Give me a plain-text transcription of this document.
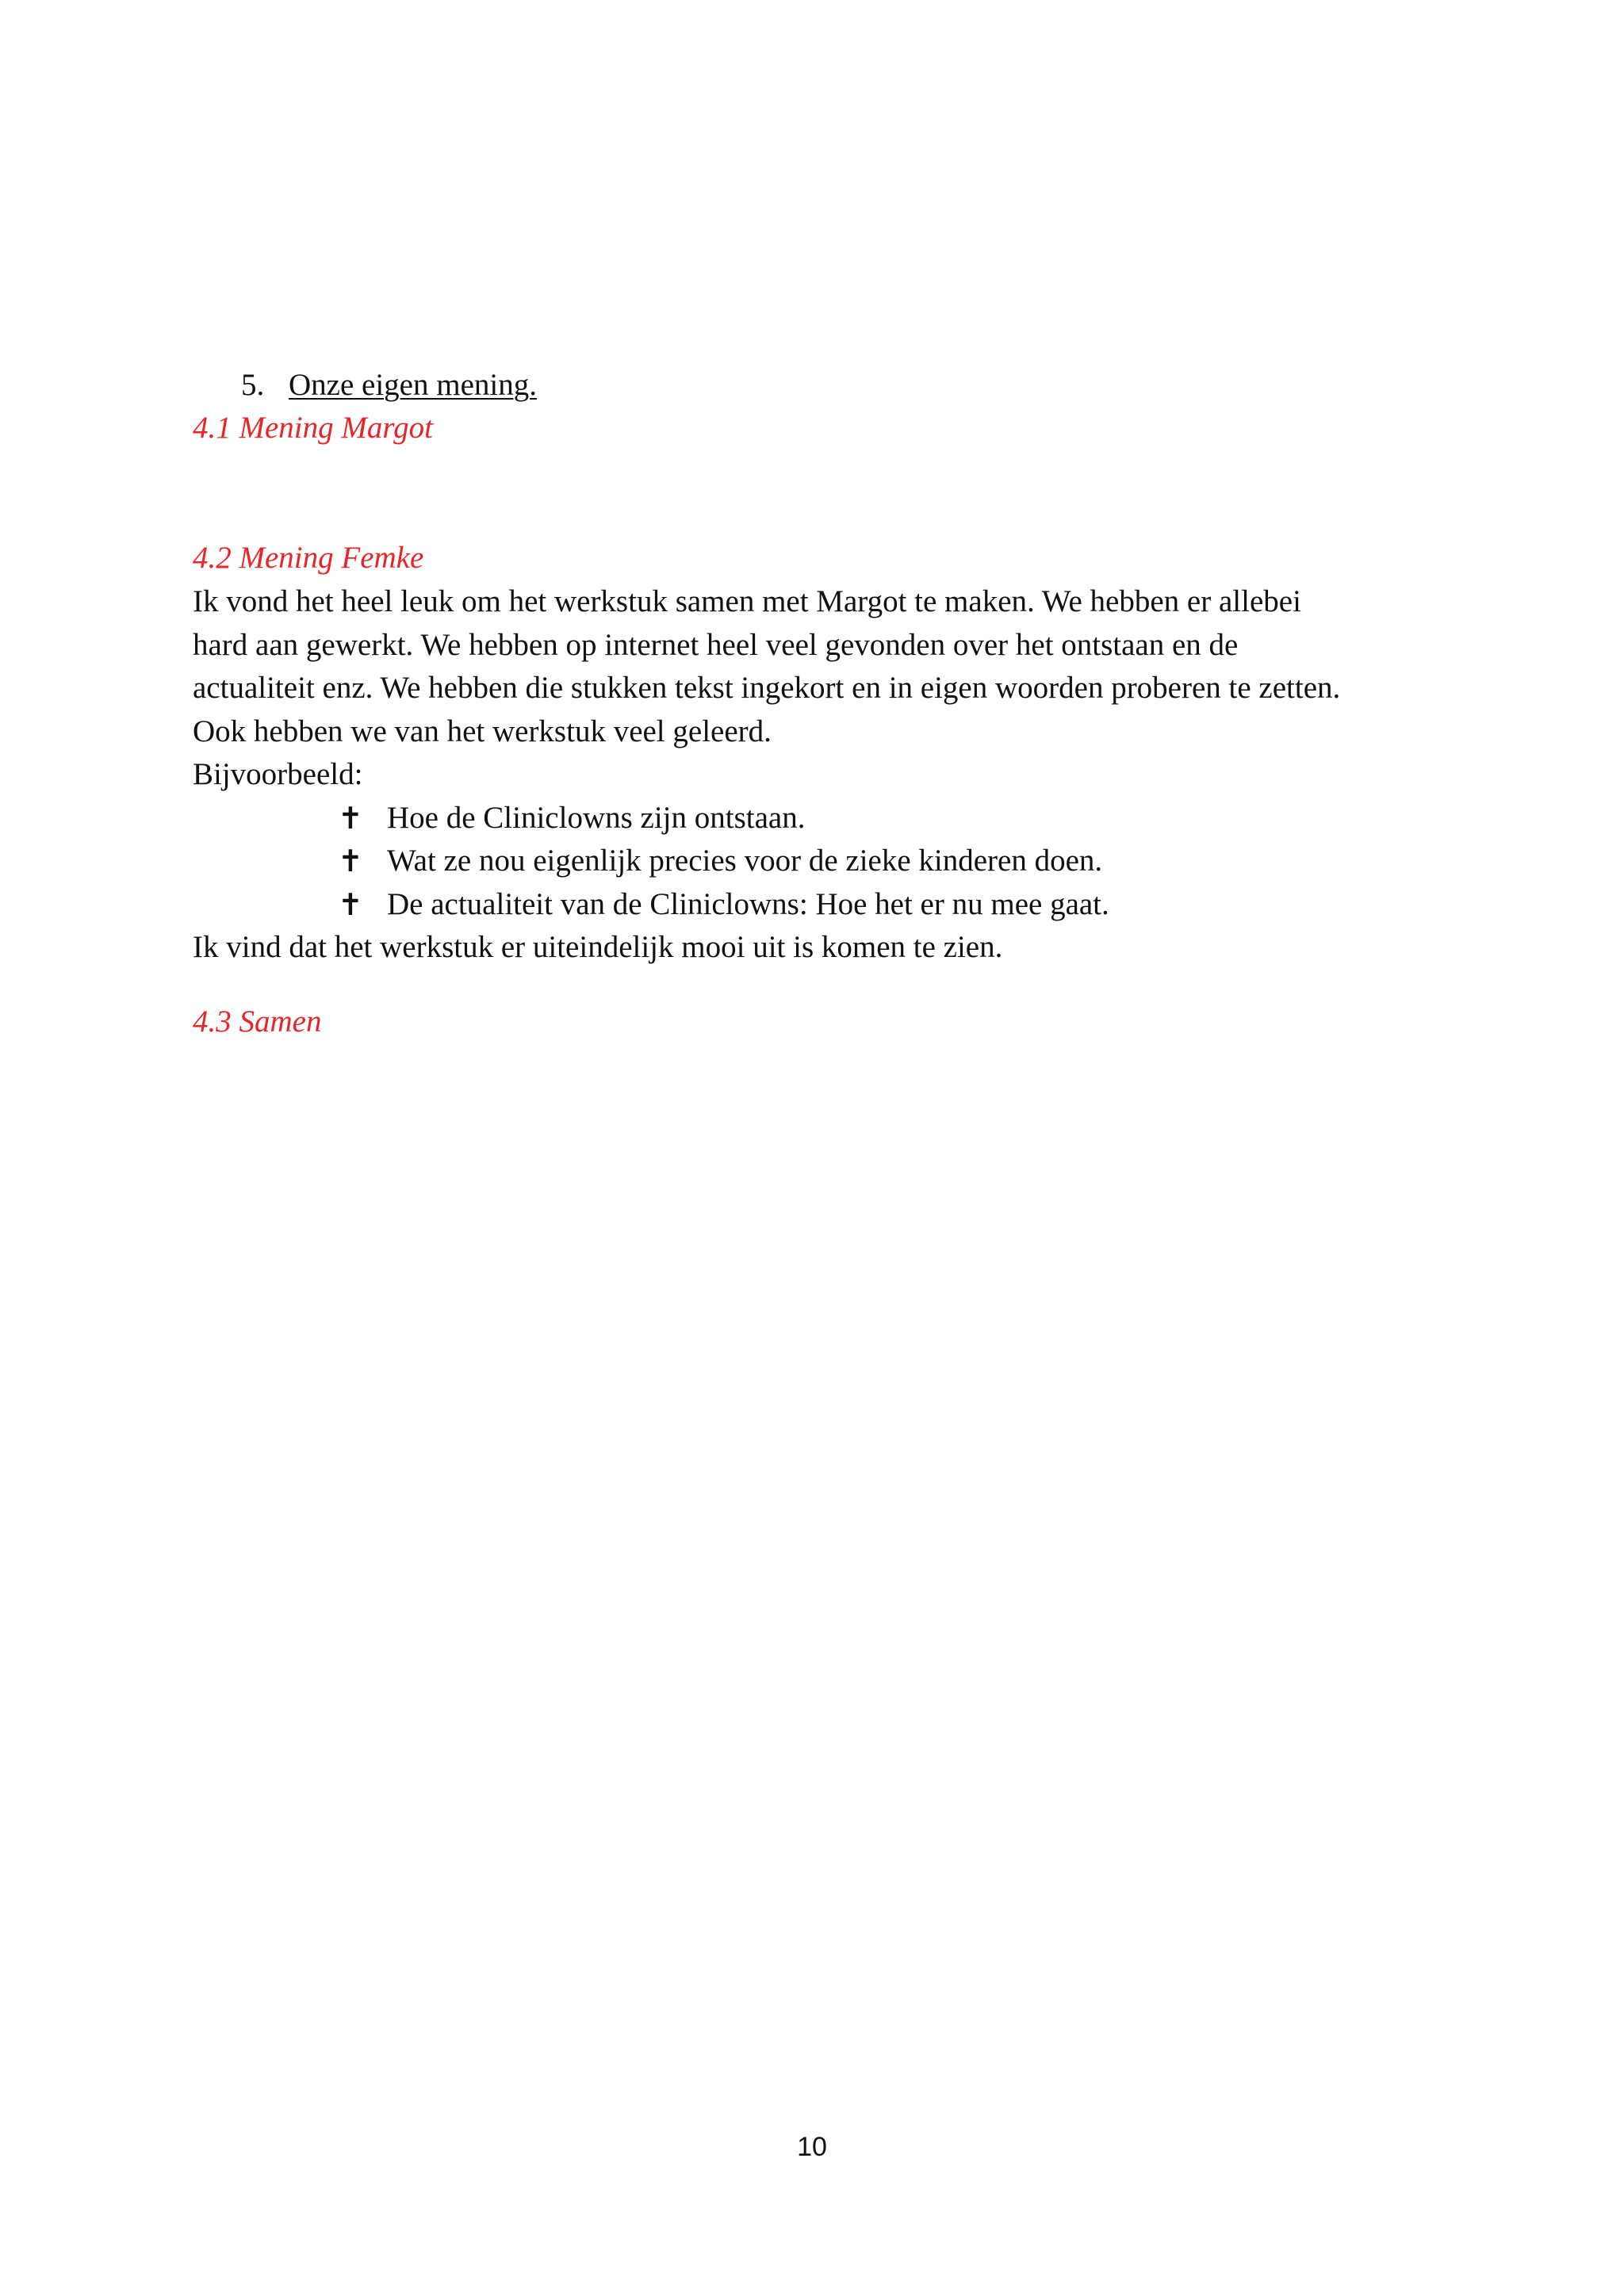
5. Onze eigen mening.
4.1 Mening Margot
4.2 Mening Femke
Ik vond het heel leuk om het werkstuk samen met Margot te maken. We hebben er allebei
hard aan gewerkt. We hebben op internet heel veel gevonden over het ontstaan en de
actualiteit enz. We hebben die stukken tekst ingekort en in eigen woorden proberen te zetten.
Ook hebben we van het werkstuk veel geleerd.
Bijvoorbeeld:
✝ Hoe de Cliniclowns zijn ontstaan.
✝ Wat ze nou eigenlijk precies voor de zieke kinderen doen.
✝ De actualiteit van de Cliniclowns: Hoe het er nu mee gaat.
Ik vind dat het werkstuk er uiteindelijk mooi uit is komen te zien.
4.3 Samen
10
